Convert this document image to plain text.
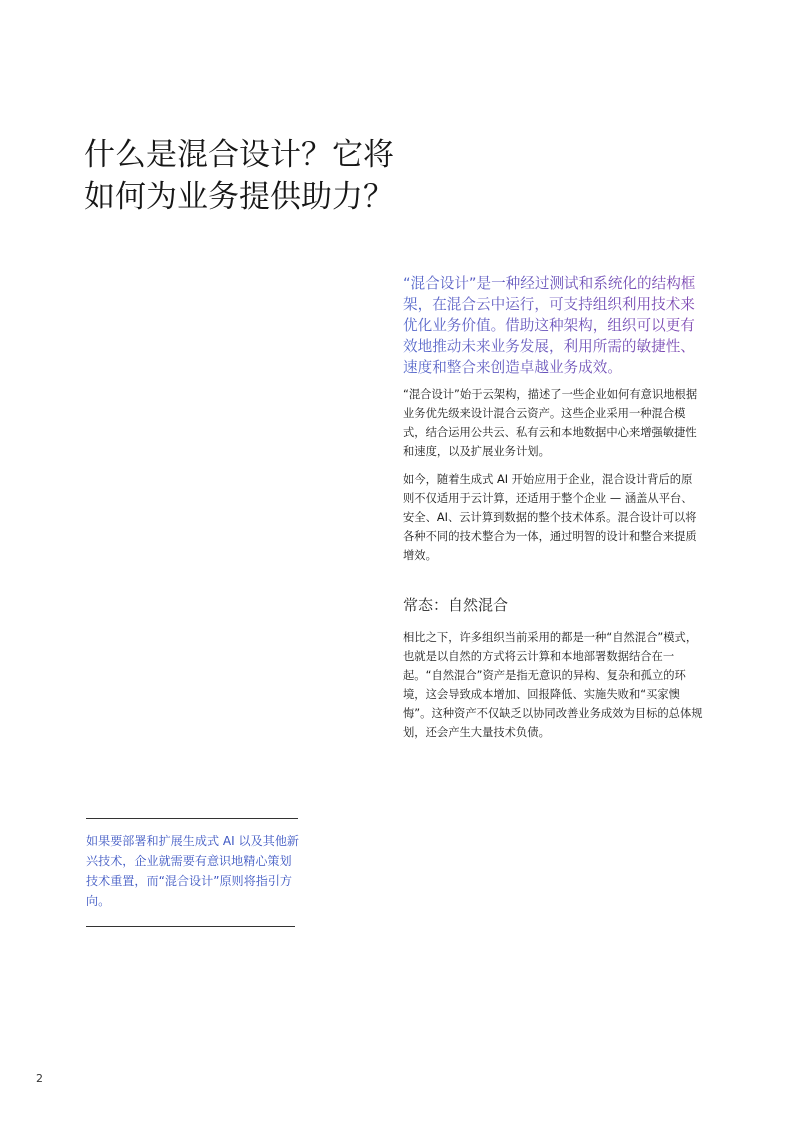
什么是混合设计？它将
如何为业务提供助力？

“混合设计”是一种经过测试和系统化的结构框架，在混合云中运行，可支持组织利用技术来优化业务价值。借助这种架构，组织可以更有效地推动未来业务发展，利用所需的敏捷性、速度和整合来创造卓越业务成效。

“混合设计”始于云架构，描述了一些企业如何有意识地根据业务优先级来设计混合云资产。这些企业采用一种混合模式，结合运用公共云、私有云和本地数据中心来增强敏捷性和速度，以及扩展业务计划。

如今，随着生成式 AI 开始应用于企业，混合设计背后的原则不仅适用于云计算，还适用于整个企业 — 涵盖从平台、安全、AI、云计算到数据的整个技术体系。混合设计可以将各种不同的技术整合为一体，通过明智的设计和整合来提质增效。

常态：自然混合

相比之下，许多组织当前采用的都是一种“自然混合”模式，也就是以自然的方式将云计算和本地部署数据结合在一起。“自然混合”资产是指无意识的异构、复杂和孤立的环境，这会导致成本增加、回报降低、实施失败和“买家懊悔”。这种资产不仅缺乏以协同改善业务成效为目标的总体规划，还会产生大量技术负债。

如果要部署和扩展生成式 AI 以及其他新兴技术，企业就需要有意识地精心策划技术重置，而“混合设计”原则将指引方向。

2
